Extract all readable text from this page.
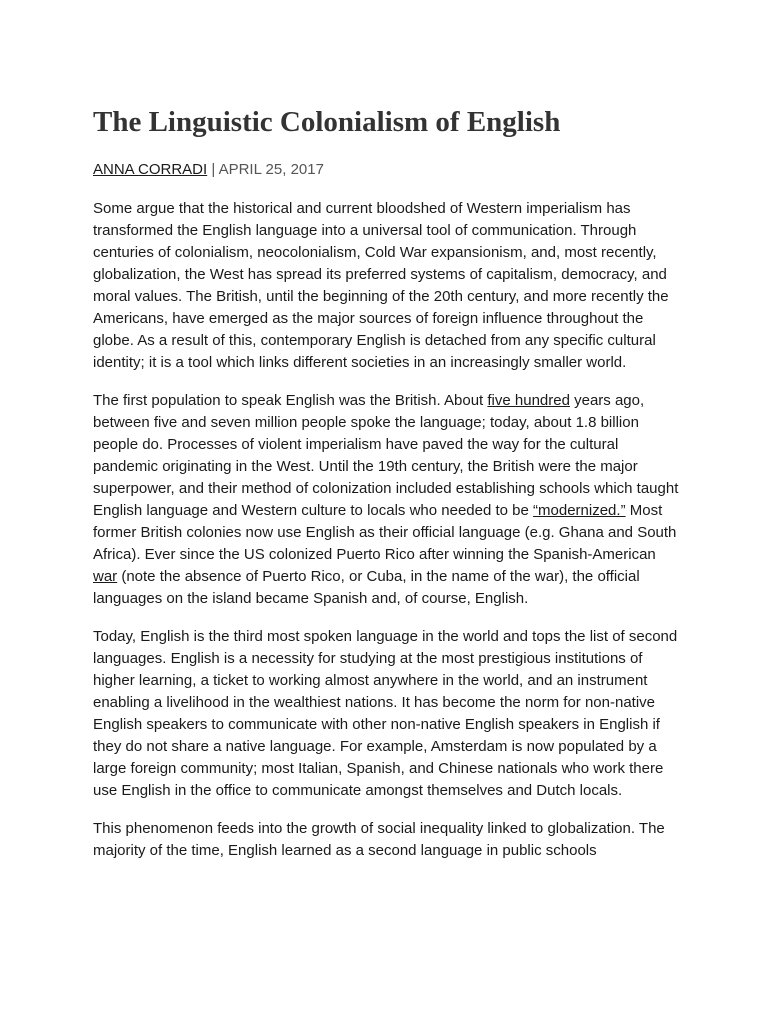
The Linguistic Colonialism of English
ANNA CORRADI | APRIL 25, 2017

Some argue that the historical and current bloodshed of Western imperialism has transformed the English language into a universal tool of communication. Through centuries of colonialism, neocolonialism, Cold War expansionism, and, most recently, globalization, the West has spread its preferred systems of capitalism, democracy, and moral values. The British, until the beginning of the 20th century, and more recently the Americans, have emerged as the major sources of foreign influence throughout the globe. As a result of this, contemporary English is detached from any specific cultural identity; it is a tool which links different societies in an increasingly smaller world.

The first population to speak English was the British. About five hundred years ago, between five and seven million people spoke the language; today, about 1.8 billion people do. Processes of violent imperialism have paved the way for the cultural pandemic originating in the West. Until the 19th century, the British were the major superpower, and their method of colonization included establishing schools which taught English language and Western culture to locals who needed to be “modernized.” Most former British colonies now use English as their official language (e.g. Ghana and South Africa). Ever since the US colonized Puerto Rico after winning the Spanish-American war (note the absence of Puerto Rico, or Cuba, in the name of the war), the official languages on the island became Spanish and, of course, English.

Today, English is the third most spoken language in the world and tops the list of second languages. English is a necessity for studying at the most prestigious institutions of higher learning, a ticket to working almost anywhere in the world, and an instrument enabling a livelihood in the wealthiest nations. It has become the norm for non-native English speakers to communicate with other non-native English speakers in English if they do not share a native language. For example, Amsterdam is now populated by a large foreign community; most Italian, Spanish, and Chinese nationals who work there use English in the office to communicate amongst themselves and Dutch locals.

This phenomenon feeds into the growth of social inequality linked to globalization. The majority of the time, English learned as a second language in public schools
